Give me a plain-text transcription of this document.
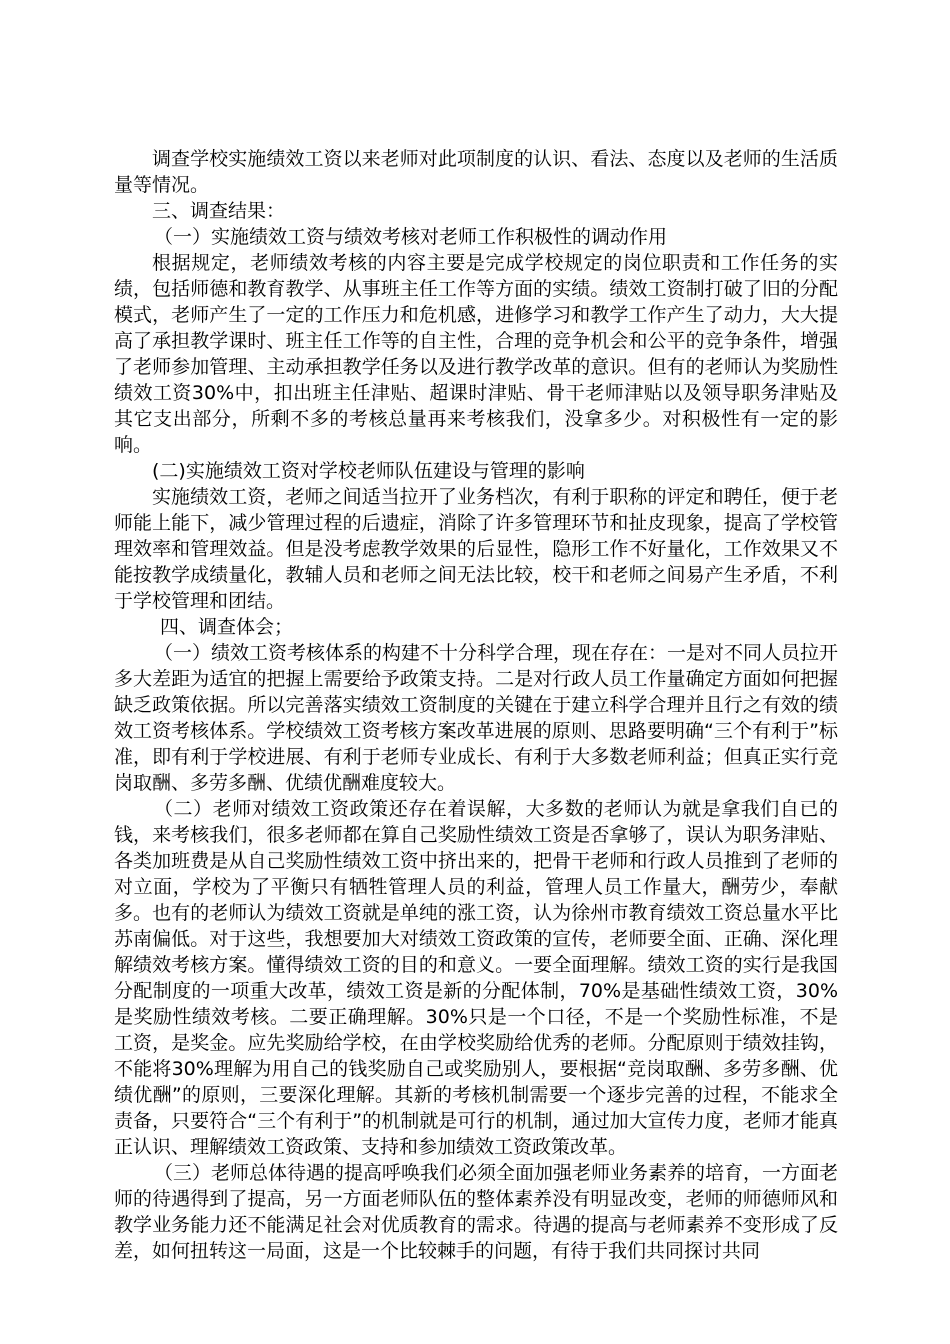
调查学校实施绩效工资以来老师对此项制度的认识、看法、态度以及老师的生活质量等情况。

三、调查结果：

（一）实施绩效工资与绩效考核对老师工作积极性的调动作用

根据规定，老师绩效考核的内容主要是完成学校规定的岗位职责和工作任务的实绩，包括师德和教育教学、从事班主任工作等方面的实绩。绩效工资制打破了旧的分配模式，老师产生了一定的工作压力和危机感，进修学习和教学工作产生了动力，大大提高了承担教学课时、班主任工作等的自主性，合理的竞争机会和公平的竞争条件，增强了老师参加管理、主动承担教学任务以及进行教学改革的意识。但有的老师认为奖励性绩效工资30%中，扣出班主任津贴、超课时津贴、骨干老师津贴以及领导职务津贴及其它支出部分，所剩不多的考核总量再来考核我们，没拿多少。对积极性有一定的影响。

(二)实施绩效工资对学校老师队伍建设与管理的影响

实施绩效工资，老师之间适当拉开了业务档次，有利于职称的评定和聘任，便于老师能上能下，减少管理过程的后遗症，消除了许多管理环节和扯皮现象，提高了学校管理效率和管理效益。但是没考虑教学效果的后显性，隐形工作不好量化，工作效果又不能按教学成绩量化，教辅人员和老师之间无法比较，校干和老师之间易产生矛盾，不利于学校管理和团结。

四、调查体会；

（一）绩效工资考核体系的构建不十分科学合理，现在存在：一是对不同人员拉开多大差距为适宜的把握上需要给予政策支持。二是对行政人员工作量确定方面如何把握缺乏政策依据。所以完善落实绩效工资制度的关键在于建立科学合理并且行之有效的绩效工资考核体系。学校绩效工资考核方案改革进展的原则、思路要明确“三个有利于”标准，即有利于学校进展、有利于老师专业成长、有利于大多数老师利益；但真正实行竞岗取酬、多劳多酬、优绩优酬难度较大。

（二）老师对绩效工资政策还存在着误解，大多数的老师认为就是拿我们自已的钱，来考核我们，很多老师都在算自己奖励性绩效工资是否拿够了，误认为职务津贴、各类加班费是从自己奖励性绩效工资中挤出来的，把骨干老师和行政人员推到了老师的对立面，学校为了平衡只有牺牲管理人员的利益，管理人员工作量大，酬劳少，奉献多。也有的老师认为绩效工资就是单纯的涨工资，认为徐州市教育绩效工资总量水平比苏南偏低。对于这些，我想要加大对绩效工资政策的宣传，老师要全面、正确、深化理解绩效考核方案。懂得绩效工资的目的和意义。一要全面理解。绩效工资的实行是我国分配制度的一项重大改革，绩效工资是新的分配体制，70%是基础性绩效工资，30%是奖励性绩效考核。二要正确理解。30%只是一个口径，不是一个奖励性标准，不是工资，是奖金。应先奖励给学校，在由学校奖励给优秀的老师。分配原则于绩效挂钩，不能将30%理解为用自己的钱奖励自己或奖励别人，要根据“竞岗取酬、多劳多酬、优绩优酬”的原则，三要深化理解。其新的考核机制需要一个逐步完善的过程，不能求全责备，只要符合“三个有利于”的机制就是可行的机制，通过加大宣传力度，老师才能真正认识、理解绩效工资政策、支持和参加绩效工资政策改革。

（三）老师总体待遇的提高呼唤我们必须全面加强老师业务素养的培育，一方面老师的待遇得到了提高，另一方面老师队伍的整体素养没有明显改变，老师的师德师风和教学业务能力还不能满足社会对优质教育的需求。待遇的提高与老师素养不变形成了反差，如何扭转这一局面，这是一个比较棘手的问题，有待于我们共同探讨共同
